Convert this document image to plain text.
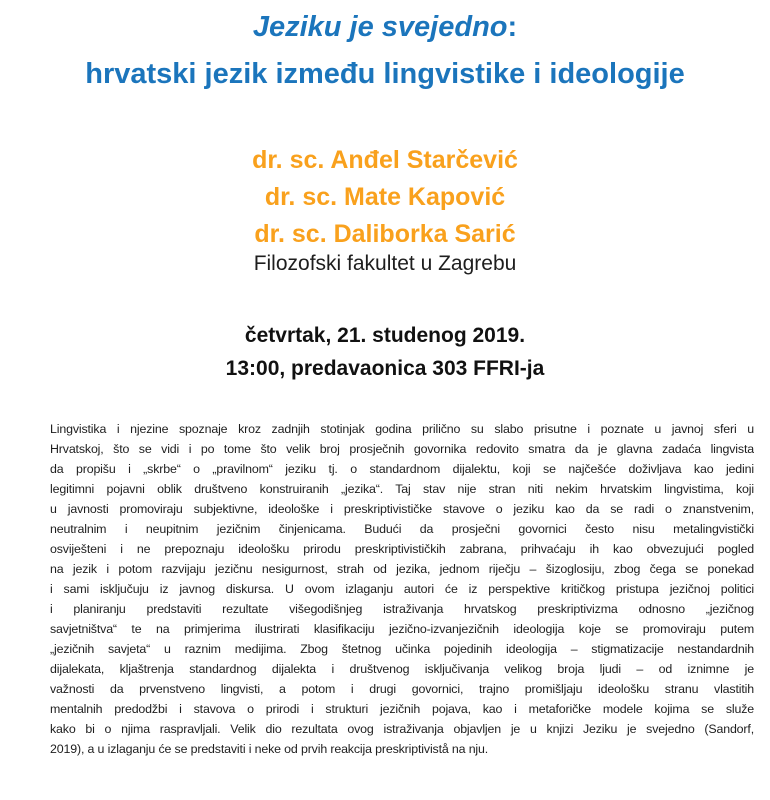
Jeziku je svejedno:
hrvatski jezik između lingvistike i ideologije
dr. sc. Anđel Starčević
dr. sc. Mate Kapović
dr. sc. Daliborka Sarić
Filozofski fakultet u Zagrebu
četvrtak, 21. studenog 2019.
13:00, predavaonica 303 FFRI-ja
Lingvistika i njezine spoznaje kroz zadnjih stotinjak godina prilično su slabo prisutne i poznate u javnoj sferi u
Hrvatskoj, što se vidi i po tome što velik broj prosječnih govornika redovito smatra da je glavna zadaća lingvista
da propišu i „skrbe“ o „pravilnom“ jeziku tj. o standardnom dijalektu, koji se najčešće doživljava kao jedini
legitimni pojavni oblik društveno konstruiranih „jezika“. Taj stav nije stran niti nekim hrvatskim lingvistima, koji
u javnosti promoviraju subjektivne, ideološke i preskriptivističke stavove o jeziku kao da se radi o znanstvenim,
neutralnim i neupitnim jezičnim činjenicama. Budući da prosječni govornici često nisu metalingvistički
osviješteni i ne prepoznaju ideološku prirodu preskriptivističkih zabrana, prihvaćaju ih kao obvezujući pogled
na jezik i potom razvijaju jezičnu nesigurnost, strah od jezika, jednom riječju – šizoglosiju, zbog čega se ponekad
i sami isključuju iz javnog diskursa. U ovom izlaganju autori će iz perspektive kritičkog pristupa jezičnoj politici
i planiranju predstaviti rezultate višegodišnjeg istraživanja hrvatskog preskriptivizma odnosno „jezičnog
savjetništva“ te na primjerima ilustrirati klasifikaciju jezično-izvanjezičnih ideologija koje se promoviraju putem
„jezičnih savjeta“ u raznim medijima. Zbog štetnog učinka pojedinih ideologija – stigmatizacije nestandardnih
dijalekata, kljaštrenja standardnog dijalekta i društvenog isključivanja velikog broja ljudi – od iznimne je
važnosti da prvenstveno lingvisti, a potom i drugi govornici, trajno promišljaju ideološku stranu vlastitih
mentalnih predodžbi i stavova o prirodi i strukturi jezičnih pojava, kao i metaforičke modele kojima se služe
kako bi o njima raspravljali. Velik dio rezultata ovog istraživanja objavljen je u knjizi Jeziku je svejedno (Sandorf,
2019), a u izlaganju će se predstaviti i neke od prvih reakcija preskriptivistå na nju.
